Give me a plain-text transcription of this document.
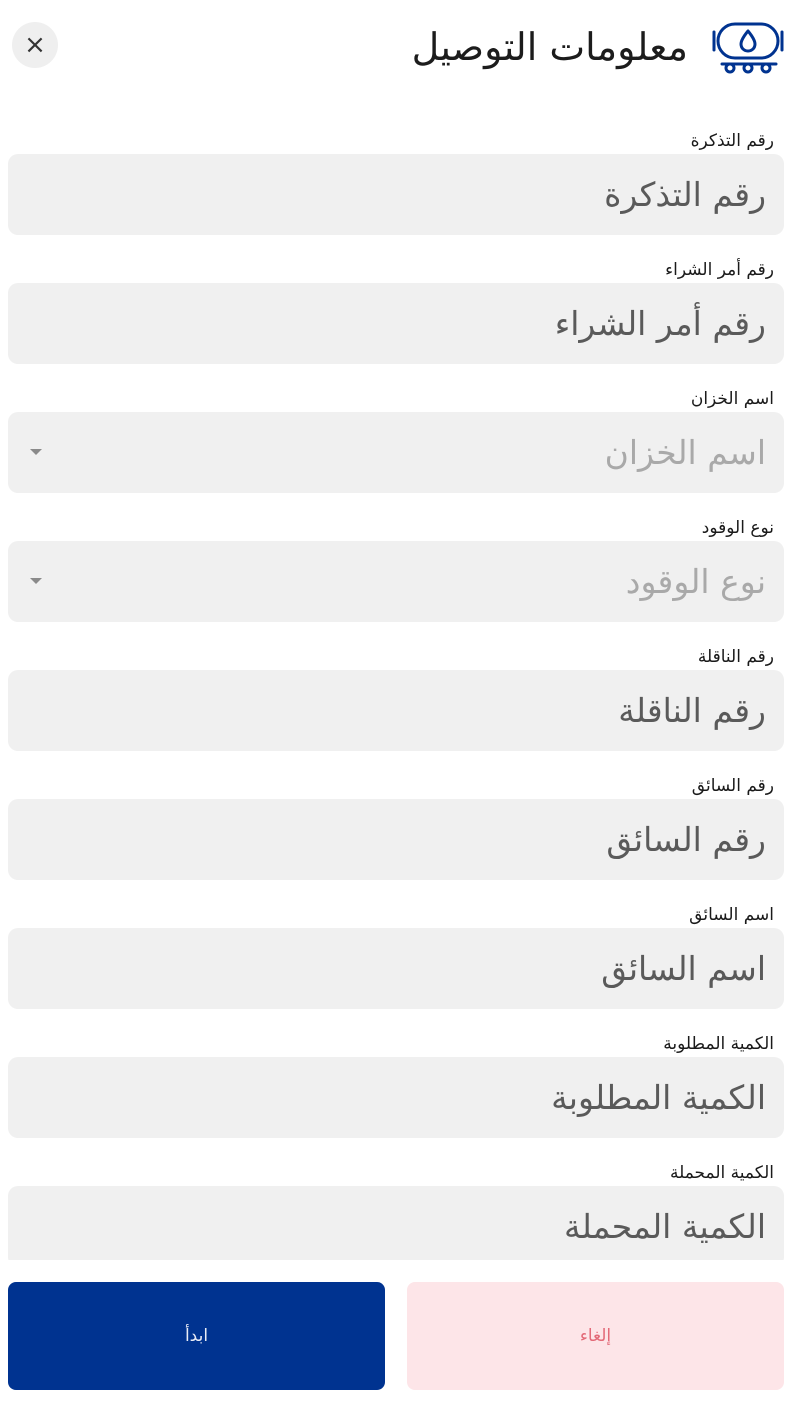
×	معلومات التوصيل
رقم التذكرة
رقم التذكرة
رقم أمر الشراء
رقم أمر الشراء
اسم الخزان
اسم الخزان
نوع الوقود
نوع الوقود
رقم الناقلة
رقم الناقلة
رقم السائق
رقم السائق
اسم السائق
اسم السائق
الكمية المطلوبة
الكمية المطلوبة
الكمية المحملة
الكمية المحملة
ابدأ	إلغاء
